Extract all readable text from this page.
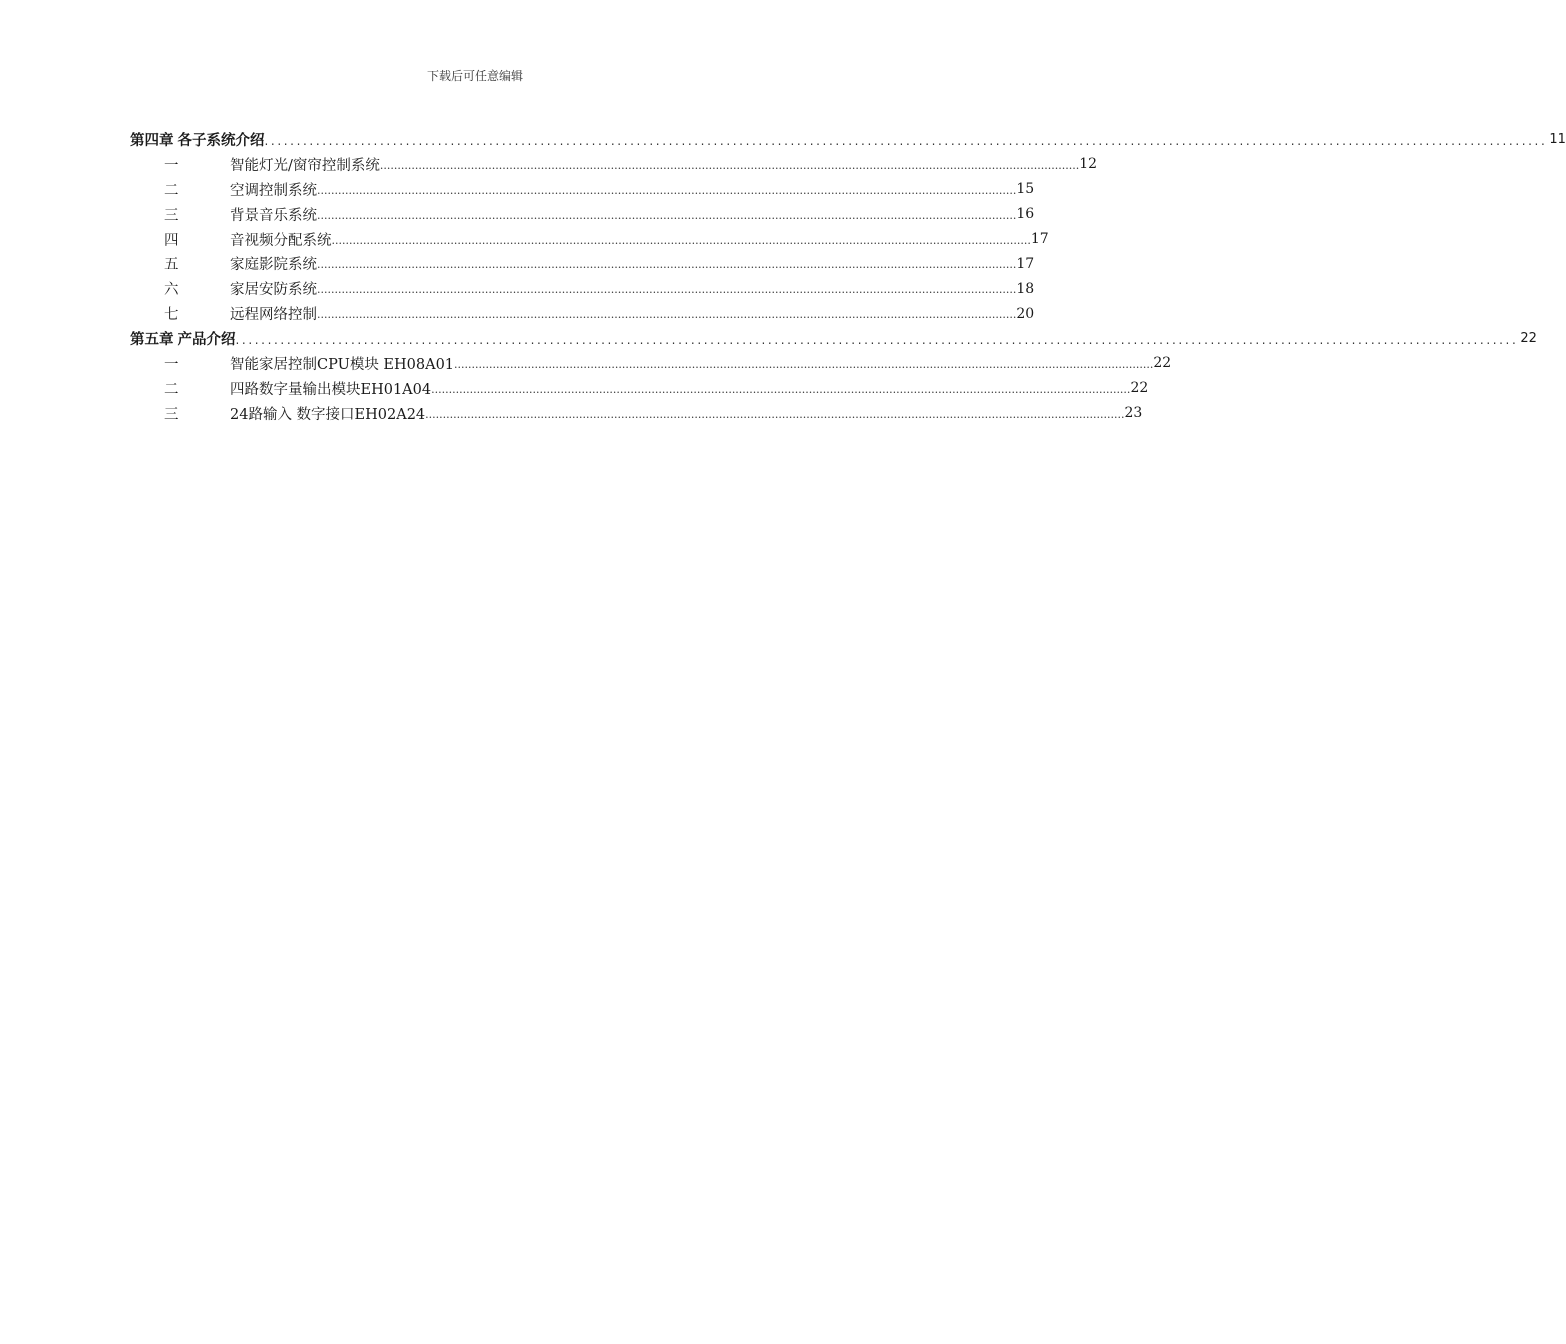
下载后可任意编辑
第四章 各子系统介绍 ........................................................................................................................................................................................................ 11
一	智能灯光/窗帘控制系统 ........................................................................................................................................................................................................ 12
二	空调控制系统 ........................................................................................................................................................................................................ 15
三	背景音乐系统 ........................................................................................................................................................................................................ 16
四	音视频分配系统 ........................................................................................................................................................................................................ 17
五	家庭影院系统 ........................................................................................................................................................................................................ 17
六	家居安防系统 ........................................................................................................................................................................................................ 18
七	远程网络控制 ........................................................................................................................................................................................................ 20
第五章 产品介绍 ........................................................................................................................................................................................................ 22
一	智能家居控制CPU模块 EH08A01 ........................................................................................................................................................................................................ 22
二	四路数字量输出模块EH01A04 ........................................................................................................................................................................................................ 22
三	24路输入 数字接口EH02A24 ........................................................................................................................................................................................................ 23
